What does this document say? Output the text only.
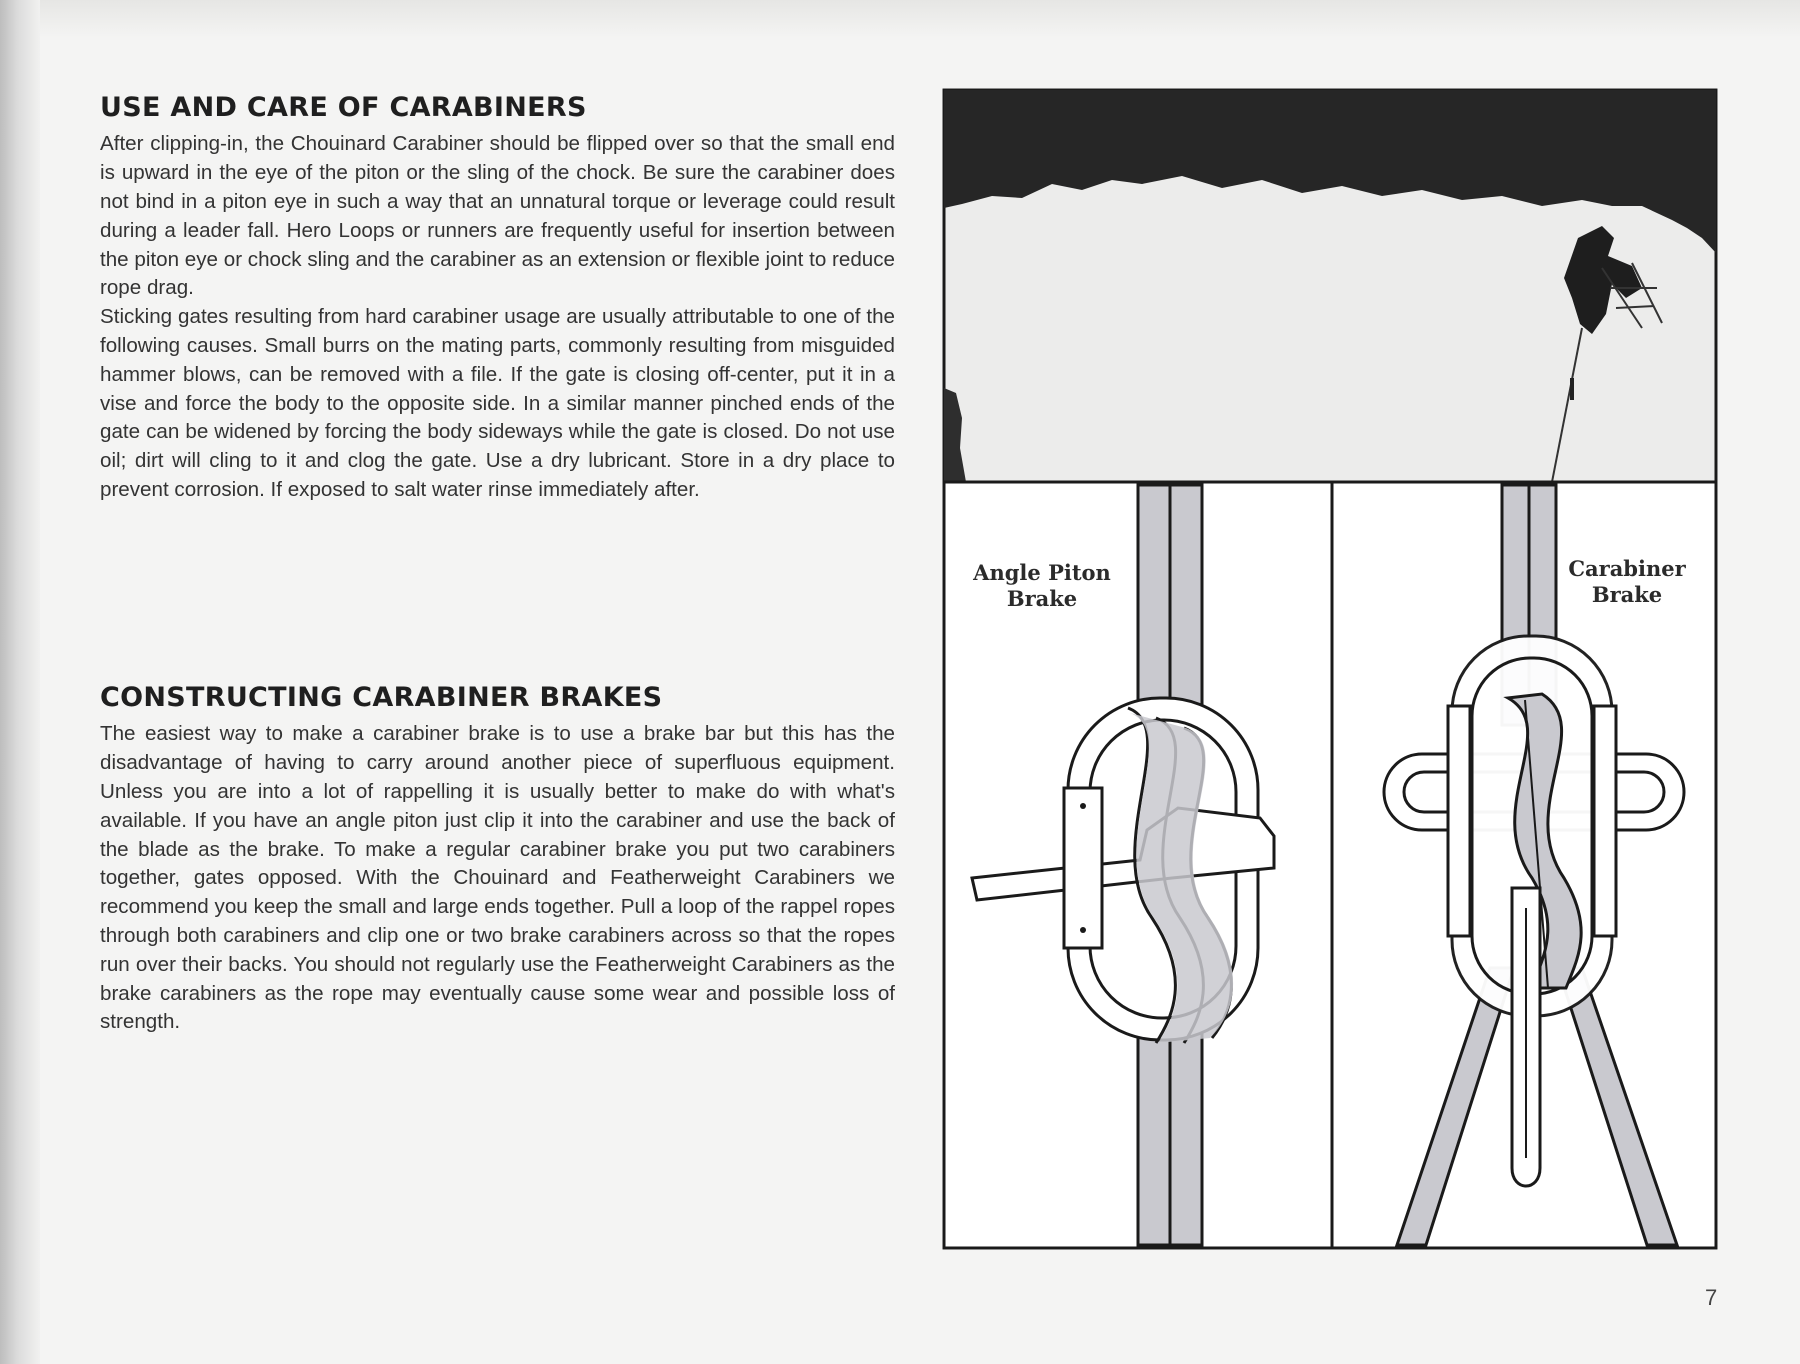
USE AND CARE OF CARABINERS

After clipping-in, the Chouinard Carabiner should be flipped over so that the small end is upward in the eye of the piton or the sling of the chock. Be sure the carabiner does not bind in a piton eye in such a way that an unnatural torque or leverage could result during a leader fall. Hero Loops or runners are frequently useful for insertion between the piton eye or chock sling and the carabiner as an extension or flexible joint to reduce rope drag.

Sticking gates resulting from hard carabiner usage are usually attributable to one of the following causes. Small burrs on the mating parts, commonly resulting from misguided hammer blows, can be removed with a file. If the gate is closing off-center, put it in a vise and force the body to the opposite side. In a similar manner pinched ends of the gate can be widened by forcing the body sideways while the gate is closed. Do not use oil; dirt will cling to it and clog the gate. Use a dry lubricant. Store in a dry place to prevent corrosion. If exposed to salt water rinse immediately after.

CONSTRUCTING CARABINER BRAKES

The easiest way to make a carabiner brake is to use a brake bar but this has the disadvantage of having to carry around another piece of superfluous equipment. Unless you are into a lot of rappelling it is usually better to make do with what's available. If you have an angle piton just clip it into the carabiner and use the back of the blade as the brake. To make a regular carabiner brake you put two carabiners together, gates opposed. With the Chouinard and Featherweight Carabiners we recommend you keep the small and large ends together. Pull a loop of the rappel ropes through both carabiners and clip one or two brake carabiners across so that the ropes run over their backs. You should not regularly use the Featherweight Carabiners as the brake carabiners as the rope may eventually cause some wear and possible loss of strength.

Angle Piton
Brake
Carabiner
Brake
7
